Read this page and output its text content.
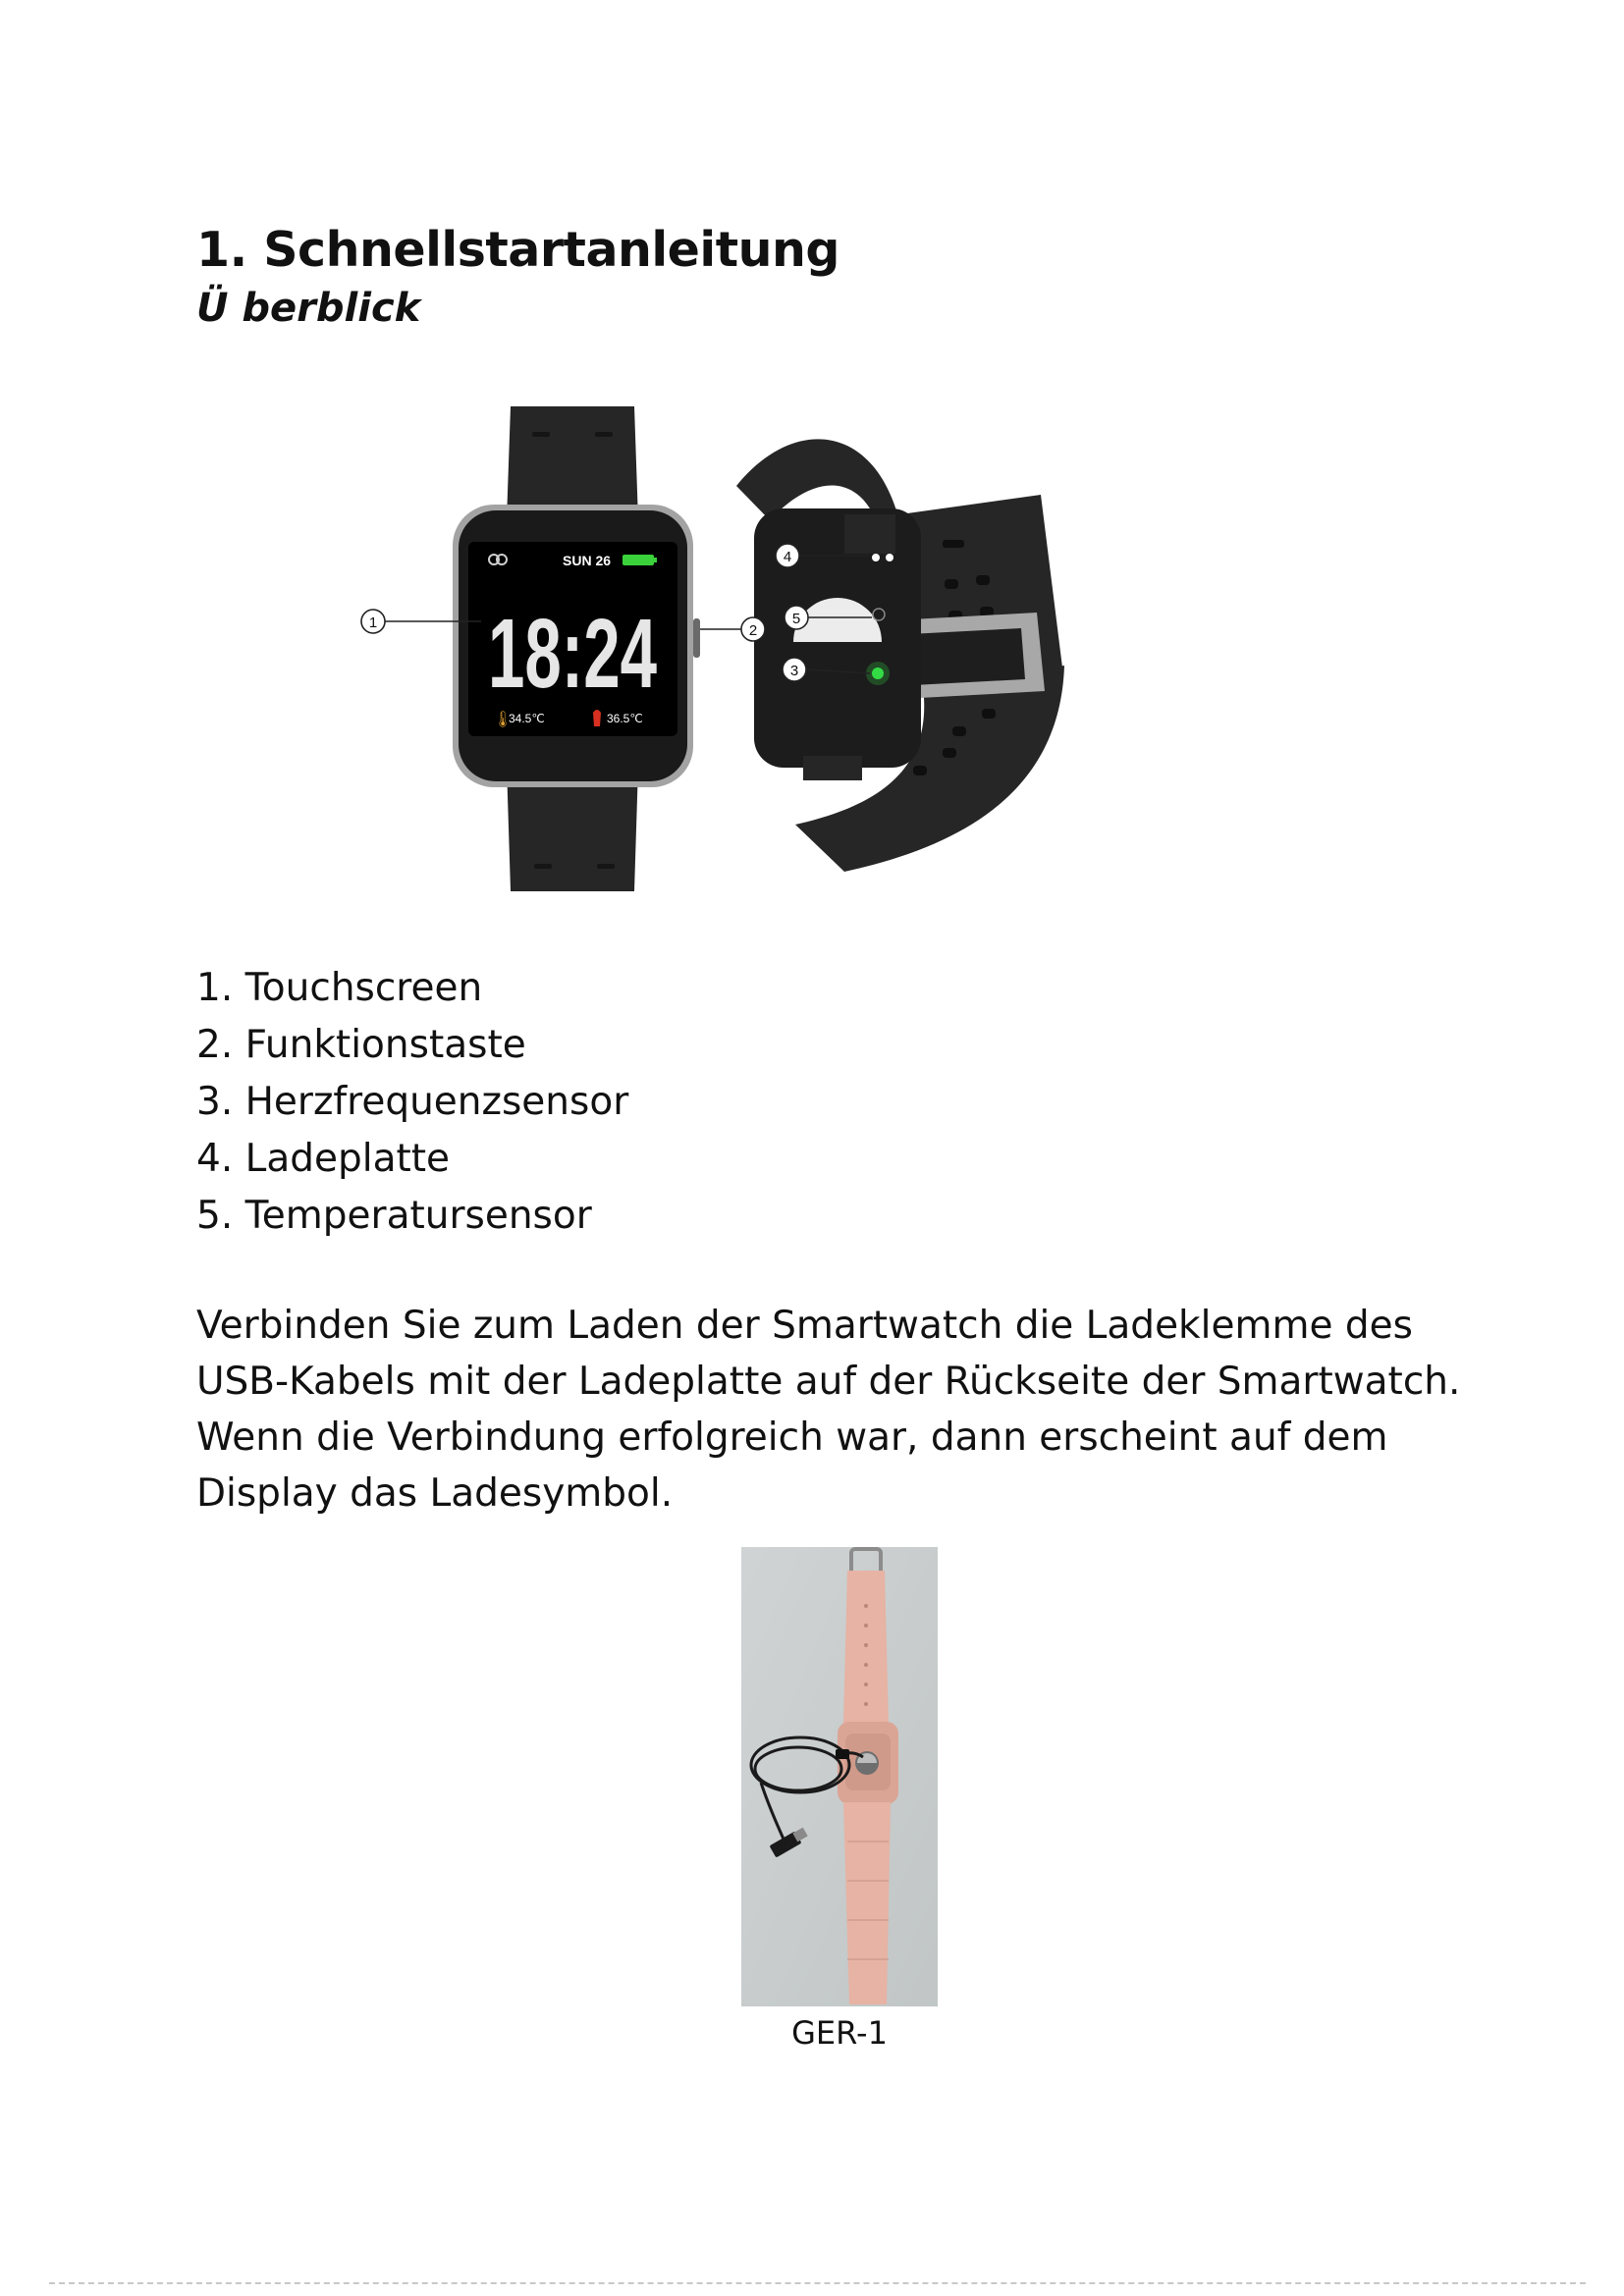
1. Schnellstartanleitung
Ü berblick
SUN 26
18:24
🌡
34.5℃	36.5℃
1	2
4
5
3
1. Touchscreen
2. Funktionstaste
3. Herzfrequenzsensor
4. Ladeplatte
5. Temperatursensor

Verbinden Sie zum Laden der Smartwatch die Ladeklemme des
USB-Kabels mit der Ladeplatte auf der Rückseite der Smartwatch.
Wenn die Verbindung erfolgreich war, dann erscheint auf dem
Display das Ladesymbol.

GER-1
